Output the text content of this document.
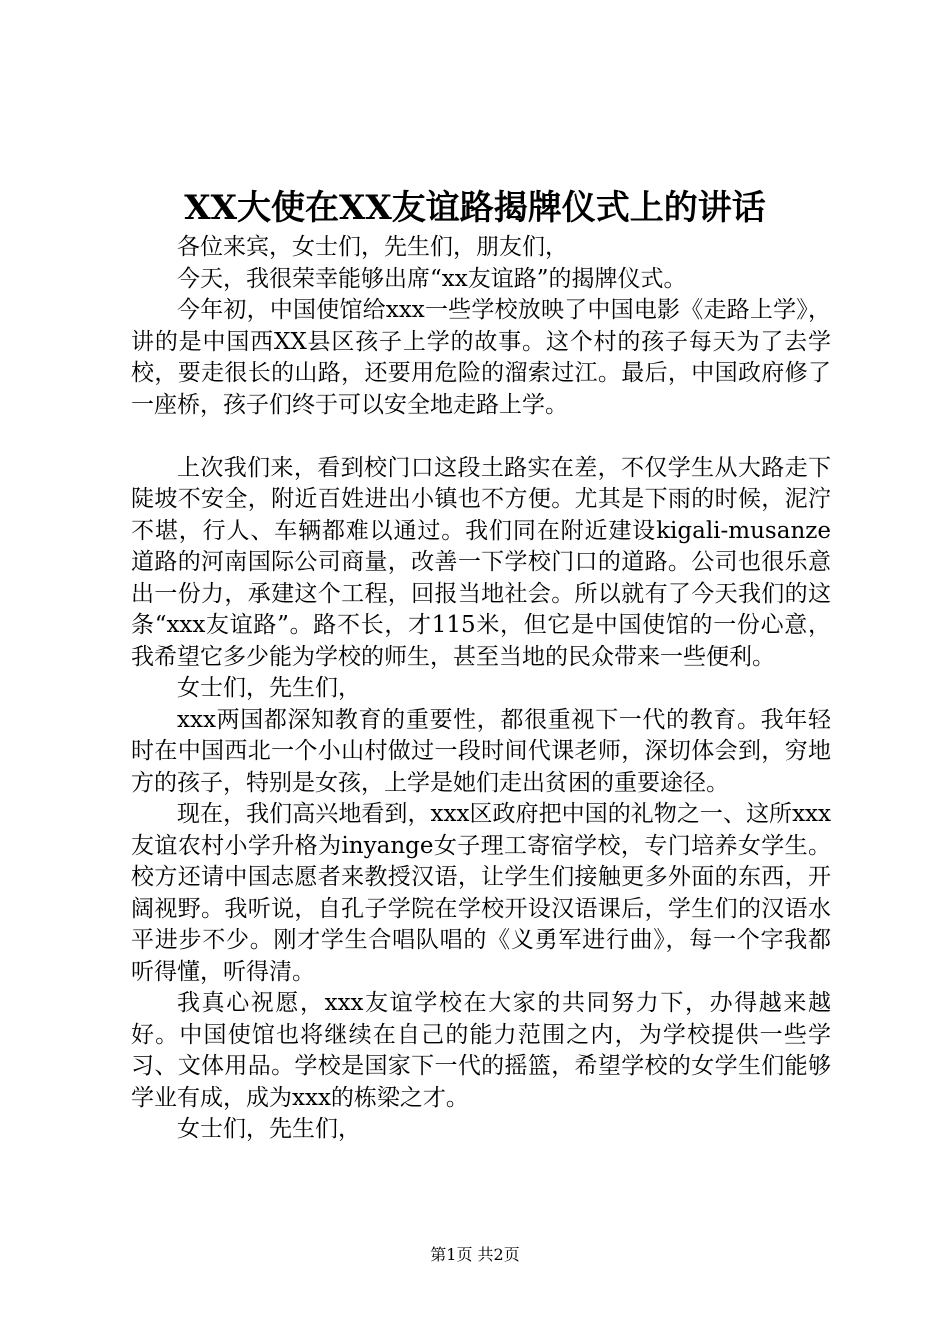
XX大使在XX友谊路揭牌仪式上的讲话

各位来宾，女士们，先生们，朋友们，

今天，我很荣幸能够出席“xx友谊路”的揭牌仪式。

今年初，中国使馆给xxx一些学校放映了中国电影《走路上学》，讲的是中国西XX县区孩子上学的故事。这个村的孩子每天为了去学校，要走很长的山路，还要用危险的溜索过江。最后，中国政府修了一座桥，孩子们终于可以安全地走路上学。

上次我们来，看到校门口这段土路实在差，不仅学生从大路走下陡坡不安全，附近百姓进出小镇也不方便。尤其是下雨的时候，泥泞不堪，行人、车辆都难以通过。我们同在附近建设kigali-musanze道路的河南国际公司商量，改善一下学校门口的道路。公司也很乐意出一份力，承建这个工程，回报当地社会。所以就有了今天我们的这条“xxx友谊路”。路不长，才115米，但它是中国使馆的一份心意，我希望它多少能为学校的师生，甚至当地的民众带来一些便利。

女士们，先生们，

xxx两国都深知教育的重要性，都很重视下一代的教育。我年轻时在中国西北一个小山村做过一段时间代课老师，深切体会到，穷地方的孩子，特别是女孩，上学是她们走出贫困的重要途径。

现在，我们高兴地看到，xxx区政府把中国的礼物之一、这所xxx友谊农村小学升格为inyange女子理工寄宿学校，专门培养女学生。校方还请中国志愿者来教授汉语，让学生们接触更多外面的东西，开阔视野。我听说，自孔子学院在学校开设汉语课后，学生们的汉语水平进步不少。刚才学生合唱队唱的《义勇军进行曲》，每一个字我都听得懂，听得清。

我真心祝愿，xxx友谊学校在大家的共同努力下，办得越来越好。中国使馆也将继续在自己的能力范围之内，为学校提供一些学习、文体用品。学校是国家下一代的摇篮，希望学校的女学生们能够学业有成，成为xxx的栋梁之才。

女士们，先生们，

第1页 共2页
